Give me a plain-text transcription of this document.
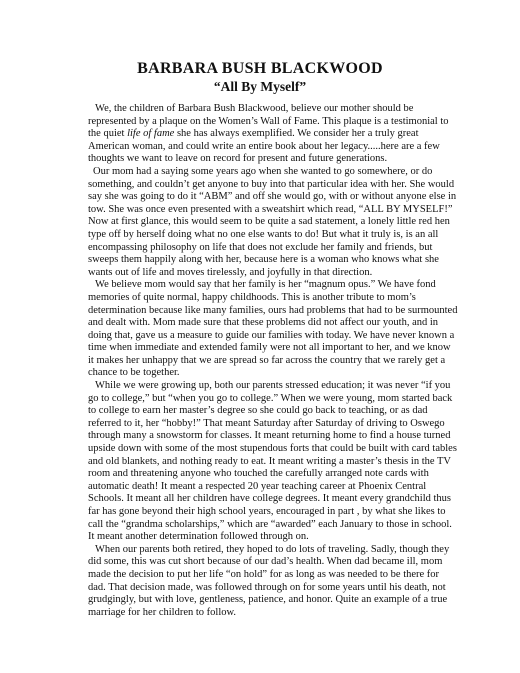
BARBARA BUSH BLACKWOOD
“All By Myself”

We, the children of Barbara Bush Blackwood, believe our mother should be represented by a plaque on the Women’s Wall of Fame. This plaque is a testimonial to the quiet life of fame she has always exemplified. We consider her a truly great American woman, and could write an entire book about her legacy.....here are a few thoughts we want to leave on record for present and future generations.

Our mom had a saying some years ago when she wanted to go somewhere, or do something, and couldn’t get anyone to buy into that particular idea with her. She would say she was going to do it “ABM” and off she would go, with or without anyone else in tow. She was once even presented with a sweatshirt which read, “ALL BY MYSELF!” Now at first glance, this would seem to be quite a sad statement, a lonely little red hen type off by herself doing what no one else wants to do! But what it truly is, is an all encompassing philosophy on life that does not exclude her family and friends, but sweeps them happily along with her, because here is a woman who knows what she wants out of life and moves tirelessly, and joyfully in that direction.

We believe mom would say that her family is her “magnum opus.” We have fond memories of quite normal, happy childhoods. This is another tribute to mom’s determination because like many families, ours had problems that had to be surmounted and dealt with. Mom made sure that these problems did not affect our youth, and in doing that, gave us a measure to guide our families with today. We have never known a time when immediate and extended family were not all important to her, and we know it makes her unhappy that we are spread so far across the country that we rarely get a chance to be together.

While we were growing up, both our parents stressed education; it was never “if you go to college,” but “when you go to college.” When we were young, mom started back to college to earn her master’s degree so she could go back to teaching, or as dad referred to it, her “hobby!” That meant Saturday after Saturday of driving to Oswego through many a snowstorm for classes. It meant returning home to find a house turned upside down with some of the most stupendous forts that could be built with card tables and old blankets, and nothing ready to eat. It meant writing a master’s thesis in the TV room and threatening anyone who touched the carefully arranged note cards with automatic death! It meant a respected 20 year teaching career at Phoenix Central Schools. It meant all her children have college degrees. It meant every grandchild thus far has gone beyond their high school years, encouraged in part , by what she likes to call the “grandma scholarships,” which are “awarded” each January to those in school. It meant another determination followed through on.

When our parents both retired, they hoped to do lots of traveling. Sadly, though they did some, this was cut short because of our dad’s health. When dad became ill, mom made the decision to put her life “on hold” for as long as was needed to be there for dad. That decision made, was followed through on for some years until his death, not grudgingly, but with love, gentleness, patience, and honor. Quite an example of a true marriage for her children to follow.
